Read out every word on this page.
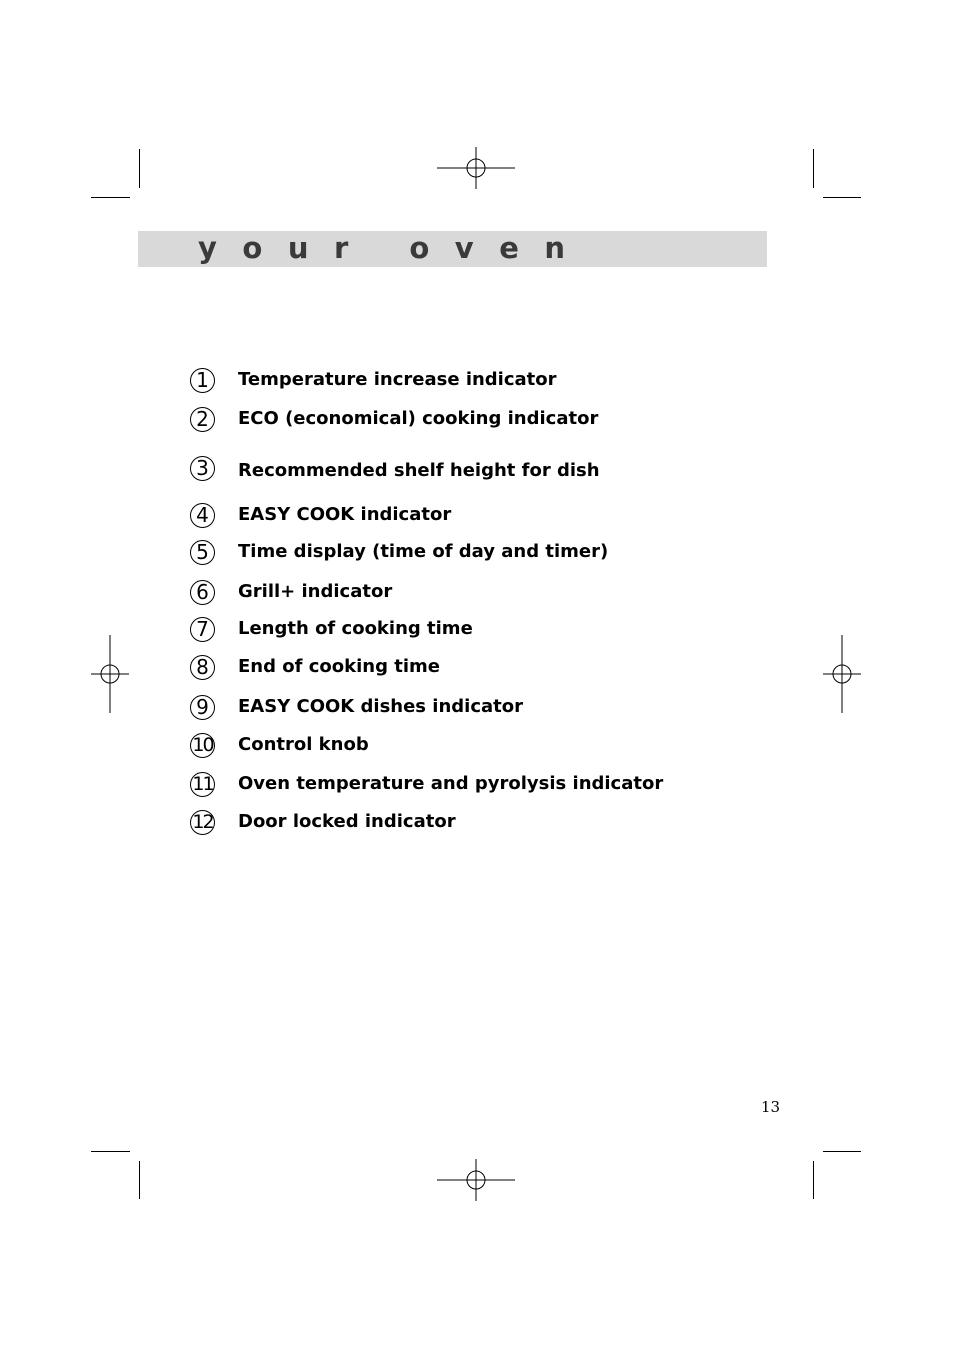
your oven
1	Temperature increase indicator
2	ECO (economical) cooking indicator
3	Recommended shelf height for dish
4	EASY COOK indicator
5	Time display (time of day and timer)
6	Grill+ indicator
7	Length of cooking time
8	End of cooking time
9	EASY COOK dishes indicator
10 Control knob
11 Oven temperature and pyrolysis indicator
12 Door locked indicator
13
